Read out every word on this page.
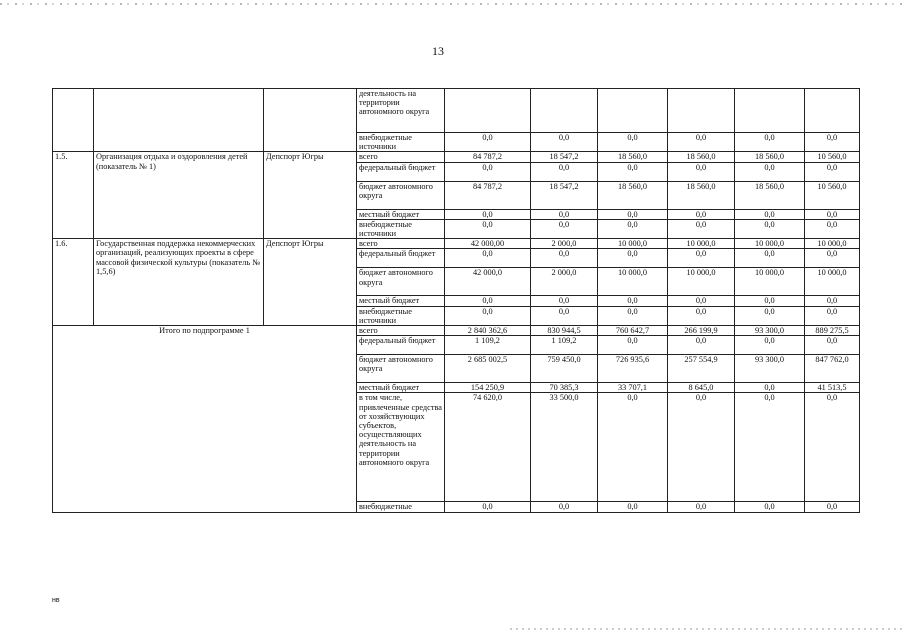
13
			деятельность на территории автономного округа						
			внебюджетные источники	0,0	0,0	0,0	0,0	0,0	0,0
1.5.	Организация отдыха и оздоровления детей (показатель № 1)	Депспорт Югры	всего	84 787,2	18 547,2	18 560,0	18 560,0	18 560,0	10 560,0
			федеральный бюджет	0,0	0,0	0,0	0,0	0,0	0,0
			бюджет автономного округа	84 787,2	18 547,2	18 560,0	18 560,0	18 560,0	10 560,0
			местный бюджет	0,0	0,0	0,0	0,0	0,0	0,0
			внебюджетные источники	0,0	0,0	0,0	0,0	0,0	0,0
1.6.	Государственная поддержка некоммерческих организаций, реализующих проекты в сфере массовой физической культуры (показатель № 1,5,6)	Депспорт Югры	всего	42 000,00	2 000,0	10 000,0	10 000,0	10 000,0	10 000,0
			федеральный бюджет	0,0	0,0	0,0	0,0	0,0	0,0
			бюджет автономного округа	42 000,0	2 000,0	10 000,0	10 000,0	10 000,0	10 000,0
			местный бюджет	0,0	0,0	0,0	0,0	0,0	0,0
			внебюджетные источники	0,0	0,0	0,0	0,0	0,0	0,0
Итого по подпрограмме 1			всего	2 840 362,6	830 944,5	760 642,7	266 199,9	93 300,0	889 275,5
			федеральный бюджет	1 109,2	1 109,2	0,0	0,0	0,0	0,0
			бюджет автономного округа	2 685 002,5	759 450,0	726 935,6	257 554,9	93 300,0	847 762,0
			местный бюджет	154 250,9	70 385,3	33 707,1	8 645,0	0,0	41 513,5
			в том числе, привлеченные средства от хозяйствующих субъектов, осуществляющих деятельность на территории автономного округа	74 620,0	33 500,0	0,0	0,0	0,0	0,0
			внебюджетные	0,0	0,0	0,0	0,0	0,0	0,0
нв
